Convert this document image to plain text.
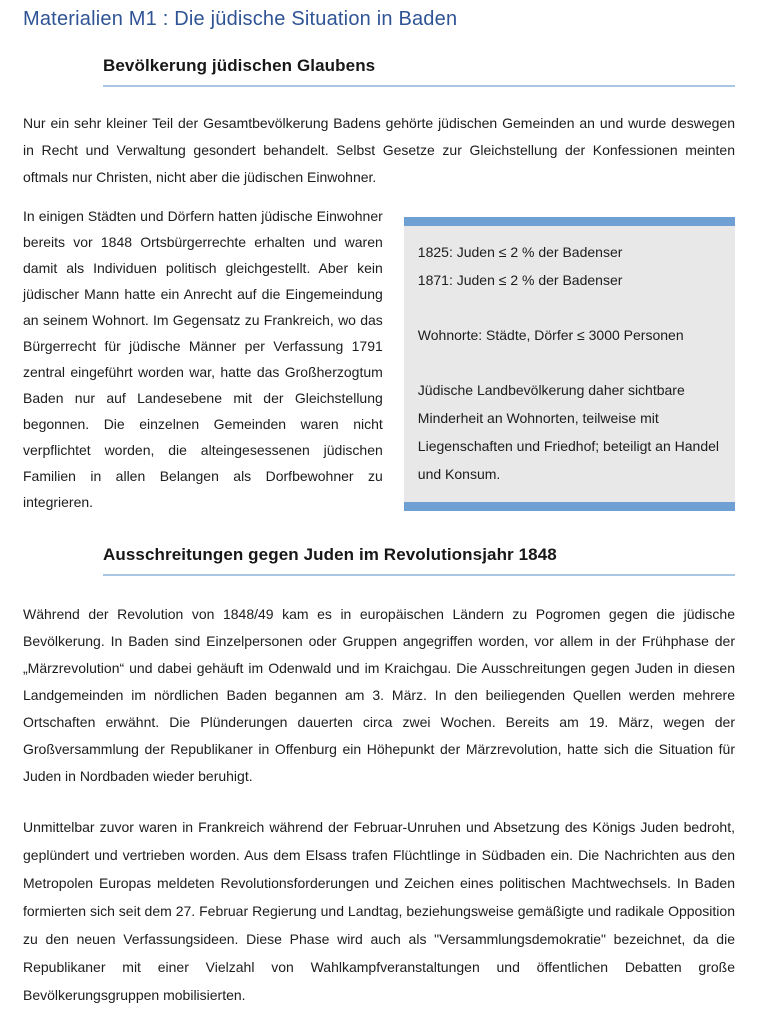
Materialien M1 : Die jüdische Situation in Baden
Bevölkerung jüdischen Glaubens

Nur ein sehr kleiner Teil der Gesamtbevölkerung Badens gehörte jüdischen Gemeinden an und wurde deswegen in Recht und Verwaltung gesondert behandelt. Selbst Gesetze zur Gleichstellung der Konfessionen meinten oftmals nur Christen, nicht aber die jüdischen Einwohner.

In einigen Städten und Dörfern hatten jüdische Einwohner bereits vor 1848 Ortsbürgerrechte erhalten und waren damit als Individuen politisch gleichgestellt. Aber kein jüdischer Mann hatte ein Anrecht auf die Eingemeindung an seinem Wohnort. Im Gegensatz zu Frankreich, wo das Bürgerrecht für jüdische Männer per Verfassung 1791 zentral eingeführt worden war, hatte das Großherzogtum Baden nur auf Landesebene mit der Gleichstellung begonnen. Die einzelnen Gemeinden waren nicht verpflichtet worden, die alteingesessenen jüdischen Familien in allen Belangen als Dorfbewohner zu integrieren.

1825: Juden ≤ 2 % der Badenser

1871: Juden ≤ 2 % der Badenser

Wohnorte: Städte, Dörfer ≤ 3000 Personen

Jüdische Landbevölkerung daher sichtbare Minderheit an Wohnorten, teilweise mit Liegenschaften und Friedhof; beteiligt an Handel und Konsum.

Ausschreitungen gegen Juden im Revolutionsjahr 1848

Während der Revolution von 1848/49 kam es in europäischen Ländern zu Pogromen gegen die jüdische Bevölkerung. In Baden sind Einzelpersonen oder Gruppen angegriffen worden, vor allem in der Frühphase der „Märzrevolution“ und dabei gehäuft im Odenwald und im Kraichgau. Die Ausschreitungen gegen Juden in diesen Landgemeinden im nördlichen Baden begannen am 3. März. In den beiliegenden Quellen werden mehrere Ortschaften erwähnt. Die Plünderungen dauerten circa zwei Wochen. Bereits am 19. März, wegen der Großversammlung der Republikaner in Offenburg ein Höhepunkt der Märzrevolution, hatte sich die Situation für Juden in Nordbaden wieder beruhigt.

Unmittelbar zuvor waren in Frankreich während der Februar-Unruhen und Absetzung des Königs Juden bedroht, geplündert und vertrieben worden. Aus dem Elsass trafen Flüchtlinge in Südbaden ein. Die Nachrichten aus den Metropolen Europas meldeten Revolutionsforderungen und Zeichen eines politischen Machtwechsels. In Baden formierten sich seit dem 27. Februar Regierung und Landtag, beziehungsweise gemäßigte und radikale Opposition zu den neuen Verfassungsideen. Diese Phase wird auch als "Versammlungsdemokratie" bezeichnet, da die Republikaner mit einer Vielzahl von Wahlkampfveranstaltungen und öffentlichen Debatten große Bevölkerungsgruppen mobilisierten.
